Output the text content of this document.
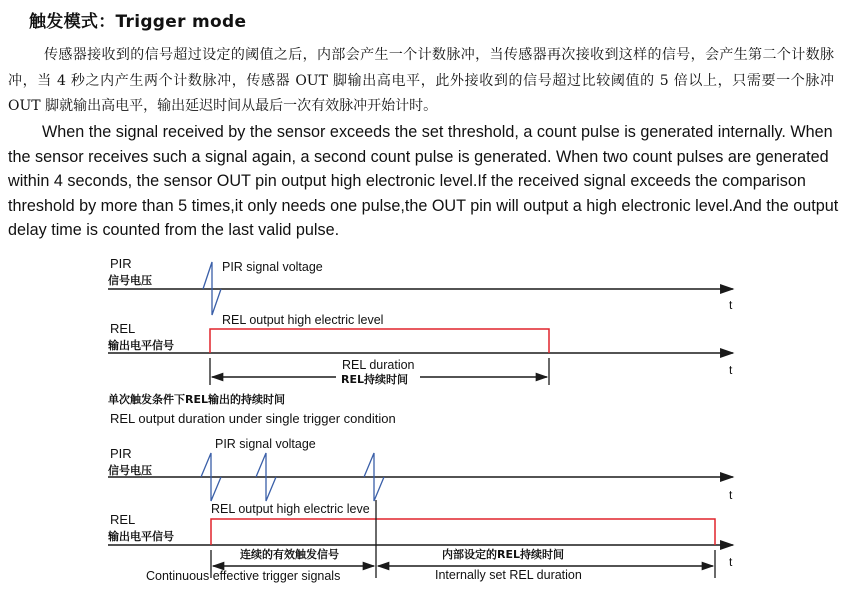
触发模式：Trigger mode

传感器接收到的信号超过设定的阈值之后，内部会产生一个计数脉冲，当传感器再次接收到这样的信号，会产生第二个计数脉冲，当 4 秒之内产生两个计数脉冲，传感器 OUT 脚输出高电平，此外接收到的信号超过比较阈值的 5 倍以上，只需要一个脉冲 OUT 脚就输出高电平，输出延迟时间从最后一次有效脉冲开始计时。

When the signal received by the sensor exceeds the set threshold, a count pulse is generated internally. When the sensor receives such a signal again, a second count pulse is generated. When two count pulses are generated within 4 seconds, the sensor OUT pin output high electronic level.If the received signal exceeds the comparison threshold by more than 5 times,it only needs one pulse,the OUT pin will output a high electronic level.And the output delay time is counted from the last valid pulse.

PIR
信号电压
PIR signal voltage
t
REL
输出电平信号
REL output high electric level
t
REL duration
REL持续时间
单次触发条件下REL输出的持续时间
REL output duration under single trigger condition
PIR signal voltage
PIR
信号电压
t
REL
输出电平信号
REL output high electric leve
t
连续的有效触发信号	内部设定的REL持续时间
Continuous effective trigger signals	Internally set REL duration
